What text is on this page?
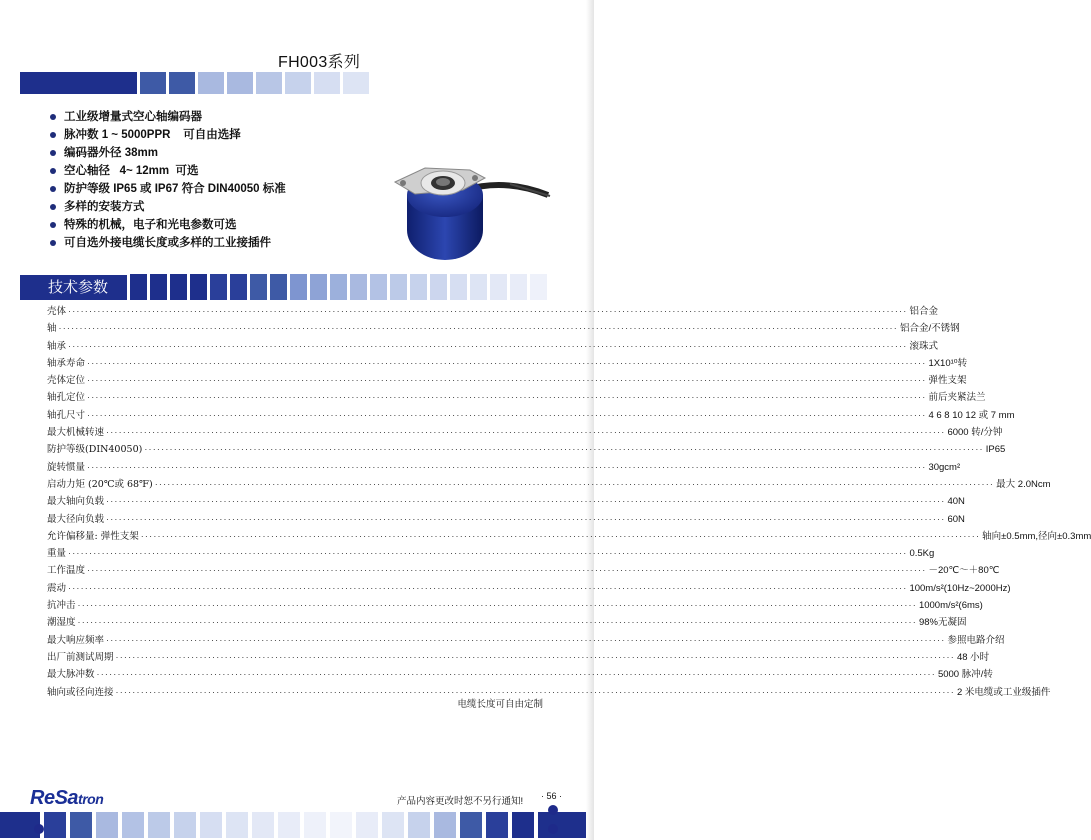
FH003系列
工业级增量式空心轴编码器
脉冲数 1 ~ 5000PPR    可自由选择
编码器外径 38mm
空心轴径   4~ 12mm  可选
防护等级 IP65 或 IP67 符合 DIN40050 标准
多样的安装方式
特殊的机械，电子和光电参数可选
可自选外接电缆长度或多样的工业接插件
技术参数
壳体 ········································································································································································································ 铝合金
轴 ········································································································································································································ 铝合金/不锈钢
轴承 ········································································································································································································ 滚珠式
轴承寿命 ········································································································································································································ 1X10¹⁰转
壳体定位 ········································································································································································································ 弹性支架
轴孔定位 ········································································································································································································ 前后夹紧法兰
轴孔尺寸 ········································································································································································································ 4 6 8 10 12 或 7 mm
最大机械转速 ········································································································································································································ 6000 转/分钟
防护等级(DIN40050) ········································································································································································································ IP65
旋转惯量 ········································································································································································································ 30gcm²
启动力矩 (20℃或 68℉) ········································································································································································································ 最大 2.0Ncm
最大轴向负载 ········································································································································································································ 40N
最大径向负载 ········································································································································································································ 60N
允许偏移量: 弹性支架 ········································································································································································································ 轴向±0.5mm,径向±0.3mm
重量 ········································································································································································································ 0.5Kg
工作温度 ········································································································································································································ －20℃～＋80℃
震动 ········································································································································································································ 100m/s²(10Hz~2000Hz)
抗冲击 ········································································································································································································ 1000m/s²(6ms)
潮湿度 ········································································································································································································ 98%无凝固
最大响应频率 ········································································································································································································ 参照电路介绍
出厂前测试周期 ········································································································································································································ 48 小时
最大脉冲数 ········································································································································································································ 5000 脉冲/转
轴向或径向连接 ········································································································································································································ 2 米电缆或工业级插件
电缆长度可自由定制
ReSatron	产品内容更改时恕不另行通知! · 56 ·
